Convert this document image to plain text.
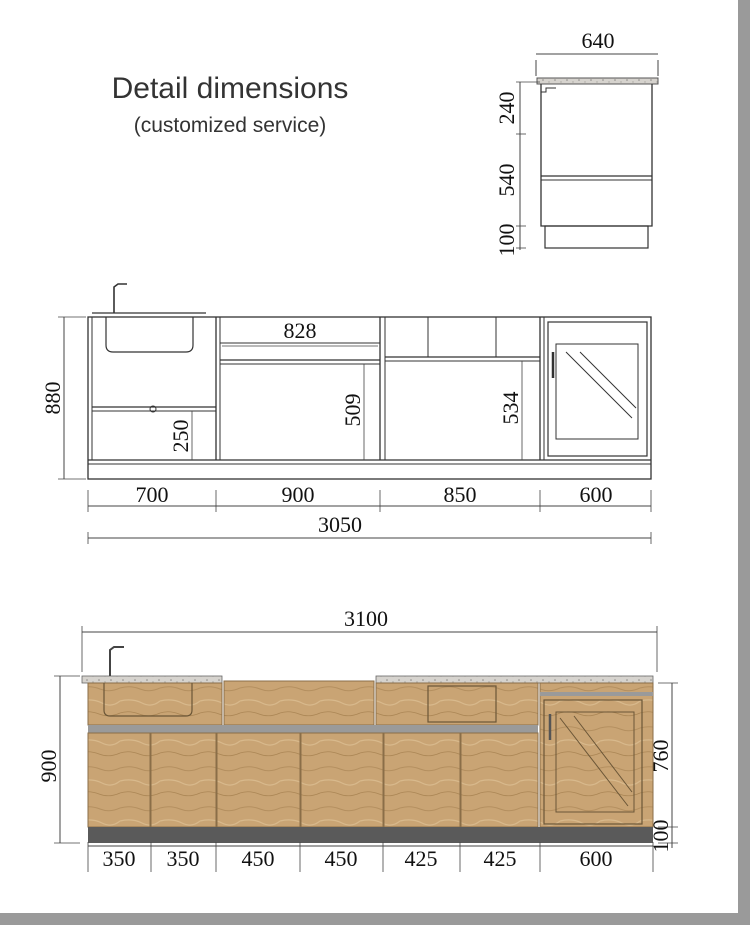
Detail dimensions
(customized service)
640
240
540
100
880
828
509	534
250
700	900	850	600
3050
3100
900	760
100
350 350 450 450 425 425	600
